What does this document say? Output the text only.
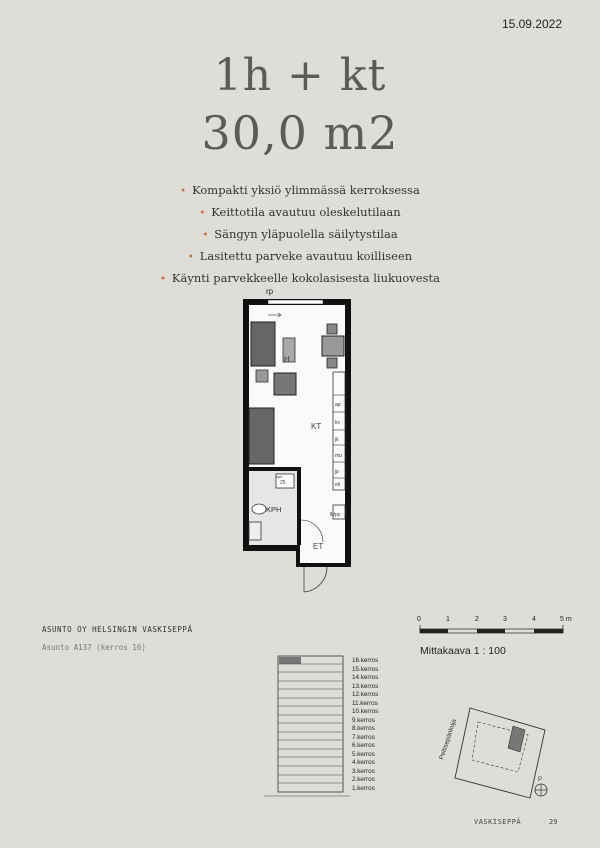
15.09.2022
1h + kt
30,0 m2
• Kompakti yksiö ylimmässä kerroksessa
• Keittotila avautuu oleskelutilaan
• Sängyn yläpuolella säilytystilaa
• Lasitettu parveke avautuu koilliseen
• Käynti parvekkeelle kokolasisesta liukuovesta
rp
H
ap
kv
jk
mu
jp
eli
lk/py
KT
25
kph
KPH
ET
ASUNTO OY HELSINGIN VASKISEPPÄ
Asunto A137 (kerros 16)
0	1	2	3	4	5 m
Mittakaava 1 : 100
16.kerros
15.kerros
14.kerros
13.kerros
12.kerros
11.kerros
10.kerros
9.kerros
8.kerros
7.kerros
6.kerros
5.kerros
4.kerros
3.kerros
2.kerros
1.kerros
Peltisepänkuja
P
VASKISEPPÄ	29
